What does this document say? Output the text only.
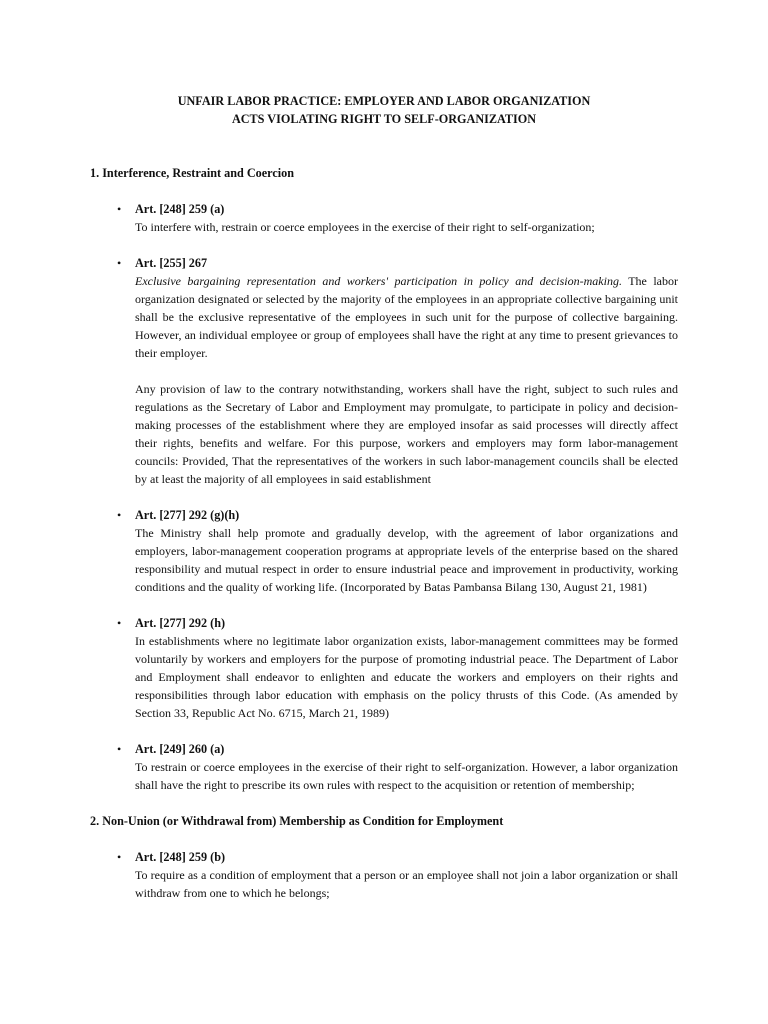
UNFAIR LABOR PRACTICE: EMPLOYER AND LABOR ORGANIZATION

ACTS VIOLATING RIGHT TO SELF-ORGANIZATION

1. Interference, Restraint and Coercion

• Art. [248] 259 (a)

To interfere with, restrain or coerce employees in the exercise of their right to self-organization;

• Art. [255] 267

Exclusive bargaining representation and workers' participation in policy and decision-making. The labor organization designated or selected by the majority of the employees in an appropriate collective bargaining unit shall be the exclusive representative of the employees in such unit for the purpose of collective bargaining. However, an individual employee or group of employees shall have the right at any time to present grievances to their employer.

Any provision of law to the contrary notwithstanding, workers shall have the right, subject to such rules and regulations as the Secretary of Labor and Employment may promulgate, to participate in policy and decision-making processes of the establishment where they are employed insofar as said processes will directly affect their rights, benefits and welfare. For this purpose, workers and employers may form labor-management councils: Provided, That the representatives of the workers in such labor-management councils shall be elected by at least the majority of all employees in said establishment

• Art. [277] 292 (g)(h)

The Ministry shall help promote and gradually develop, with the agreement of labor organizations and employers, labor-management cooperation programs at appropriate levels of the enterprise based on the shared responsibility and mutual respect in order to ensure industrial peace and improvement in productivity, working conditions and the quality of working life. (Incorporated by Batas Pambansa Bilang 130, August 21, 1981)

• Art. [277] 292 (h)

In establishments where no legitimate labor organization exists, labor-management committees may be formed voluntarily by workers and employers for the purpose of promoting industrial peace. The Department of Labor and Employment shall endeavor to enlighten and educate the workers and employers on their rights and responsibilities through labor education with emphasis on the policy thrusts of this Code. (As amended by Section 33, Republic Act No. 6715, March 21, 1989)

• Art. [249] 260 (a)

To restrain or coerce employees in the exercise of their right to self-organization. However, a labor organization shall have the right to prescribe its own rules with respect to the acquisition or retention of membership;

2. Non-Union (or Withdrawal from) Membership as Condition for Employment

• Art. [248] 259 (b)

To require as a condition of employment that a person or an employee shall not join a labor organization or shall withdraw from one to which he belongs;
